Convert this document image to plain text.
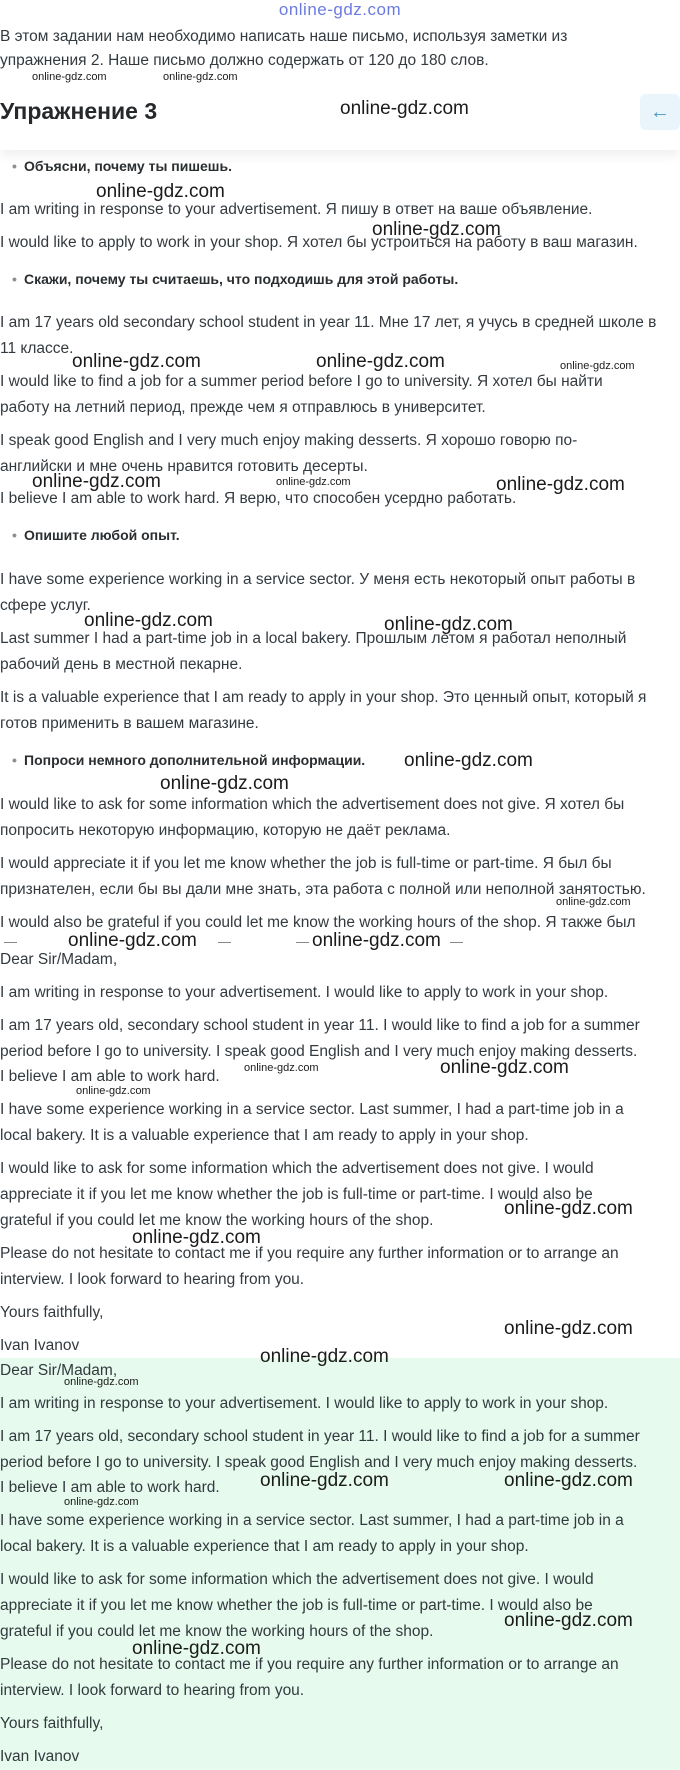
online-gdz.com

В этом задании нам необходимо написать наше письмо, используя заметки из

упражнения 2. Наше письмо должно содержать от 120 до 180 слов.

Упражнение 3	←
• Объясни, почему ты пишешь.

I am writing in response to your advertisement. Я пишу в ответ на ваше объявление.

I would like to apply to work in your shop. Я хотел бы устроиться на работу в ваш магазин.

• Скажи, почему ты считаешь, что подходишь для этой работы.

I am 17 years old secondary school student in year 11. Мне 17 лет, я учусь в средней школе в

11 классе.

I would like to find a job for a summer period before I go to university. Я хотел бы найти

работу на летний период, прежде чем я отправлюсь в университет.

I speak good English and I very much enjoy making desserts. Я хорошо говорю по-

английски и мне очень нравится готовить десерты.

I believe I am able to work hard. Я верю, что способен усердно работать.

• Опишите любой опыт.

I have some experience working in a service sector. У меня есть некоторый опыт работы в

сфере услуг.

Last summer I had a part-time job in a local bakery. Прошлым летом я работал неполный

рабочий день в местной пекарне.

It is a valuable experience that I am ready to apply in your shop. Это ценный опыт, который я

готов применить в вашем магазине.

• Попроси немного дополнительной информации.

I would like to ask for some information which the advertisement does not give. Я хотел бы

попросить некоторую информацию, которую не даёт реклама.

I would appreciate it if you let me know whether the job is full-time or part-time. Я был бы

признателен, если бы вы дали мне знать, эта работа с полной или неполной занятостью.

I would also be grateful if you could let me know the working hours of the shop. Я также был

Dear Sir/Madam,

I am writing in response to your advertisement. I would like to apply to work in your shop.

I am 17 years old, secondary school student in year 11. I would like to find a job for a summer

period before I go to university. I speak good English and I very much enjoy making desserts.

I believe I am able to work hard.

I have some experience working in a service sector. Last summer, I had a part-time job in a

local bakery. It is a valuable experience that I am ready to apply in your shop.

I would like to ask for some information which the advertisement does not give. I would

appreciate it if you let me know whether the job is full-time or part-time. I would also be

grateful if you could let me know the working hours of the shop.

Please do not hesitate to contact me if you require any further information or to arrange an

interview. I look forward to hearing from you.

Yours faithfully,

Ivan Ivanov

Dear Sir/Madam,

I am writing in response to your advertisement. I would like to apply to work in your shop.

I am 17 years old, secondary school student in year 11. I would like to find a job for a summer

period before I go to university. I speak good English and I very much enjoy making desserts.

I believe I am able to work hard.

I have some experience working in a service sector. Last summer, I had a part-time job in a

local bakery. It is a valuable experience that I am ready to apply in your shop.

I would like to ask for some information which the advertisement does not give. I would

appreciate it if you let me know whether the job is full-time or part-time. I would also be

grateful if you could let me know the working hours of the shop.

Please do not hesitate to contact me if you require any further information or to arrange an

interview. I look forward to hearing from you.

Yours faithfully,

Ivan Ivanov

online-gdz.com	online-gdz.com
online-gdz.com
online-gdz.com
online-gdz.com
online-gdz.com	online-gdz.com	online-gdz.com
online-gdz.com	online-gdz.com	online-gdz.com
online-gdz.com	online-gdz.com
online-gdz.com
online-gdz.com
online-gdz.com
online-gdz.com	online-gdz.com
online-gdz.com	online-gdz.com
online-gdz.com
online-gdz.com
online-gdz.com
online-gdz.com
online-gdz.com
online-gdz.com
online-gdz.com	online-gdz.com
online-gdz.com
online-gdz.com
online-gdz.com
—	—	—	—
